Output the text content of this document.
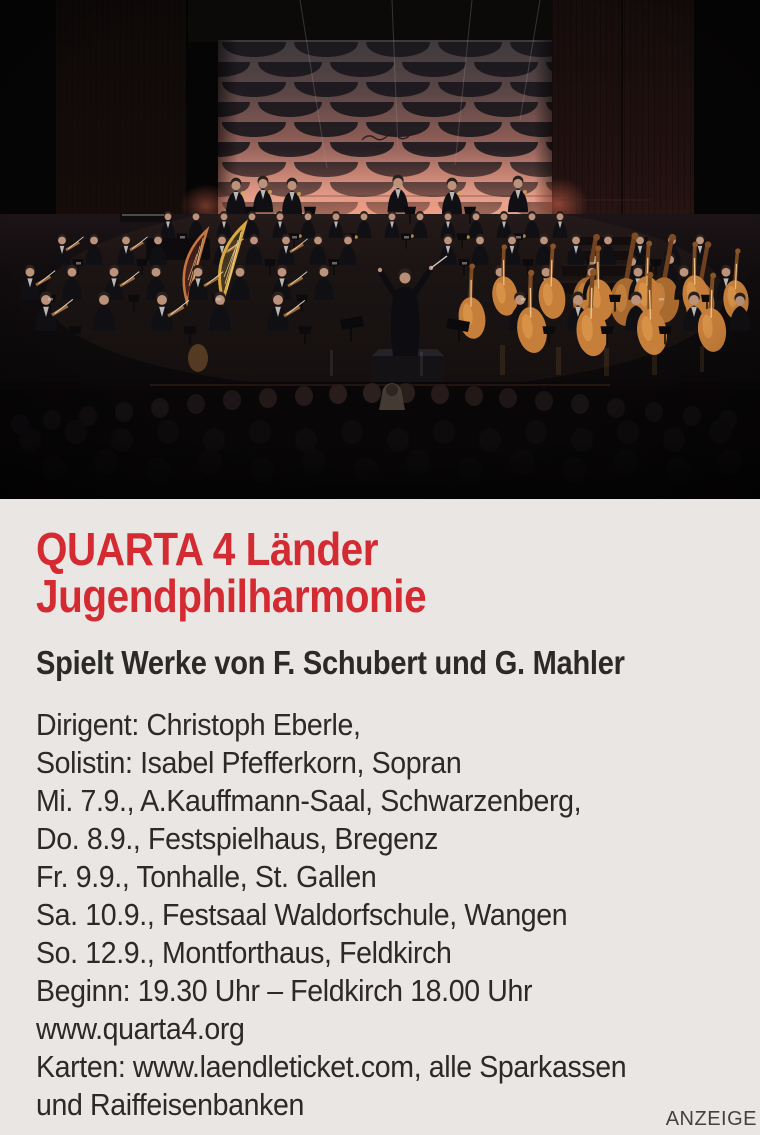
QUARTA 4 Länder
Jugendphilharmonie
Spielt Werke von F. Schubert und G. Mahler
Dirigent: Christoph Eberle,
Solistin: Isabel Pfefferkorn, Sopran
Mi. 7.9., A.Kauffmann-Saal, Schwarzenberg,
Do. 8.9., Festspielhaus, Bregenz
Fr. 9.9., Tonhalle, St. Gallen
Sa. 10.9., Festsaal Waldorfschule, Wangen
So. 12.9., Montforthaus, Feldkirch
Beginn: 19.30 Uhr – Feldkirch 18.00 Uhr
www.quarta4.org
Karten: www.laendleticket.com, alle Sparkassen
und Raiffeisenbanken	ANZEIGE
